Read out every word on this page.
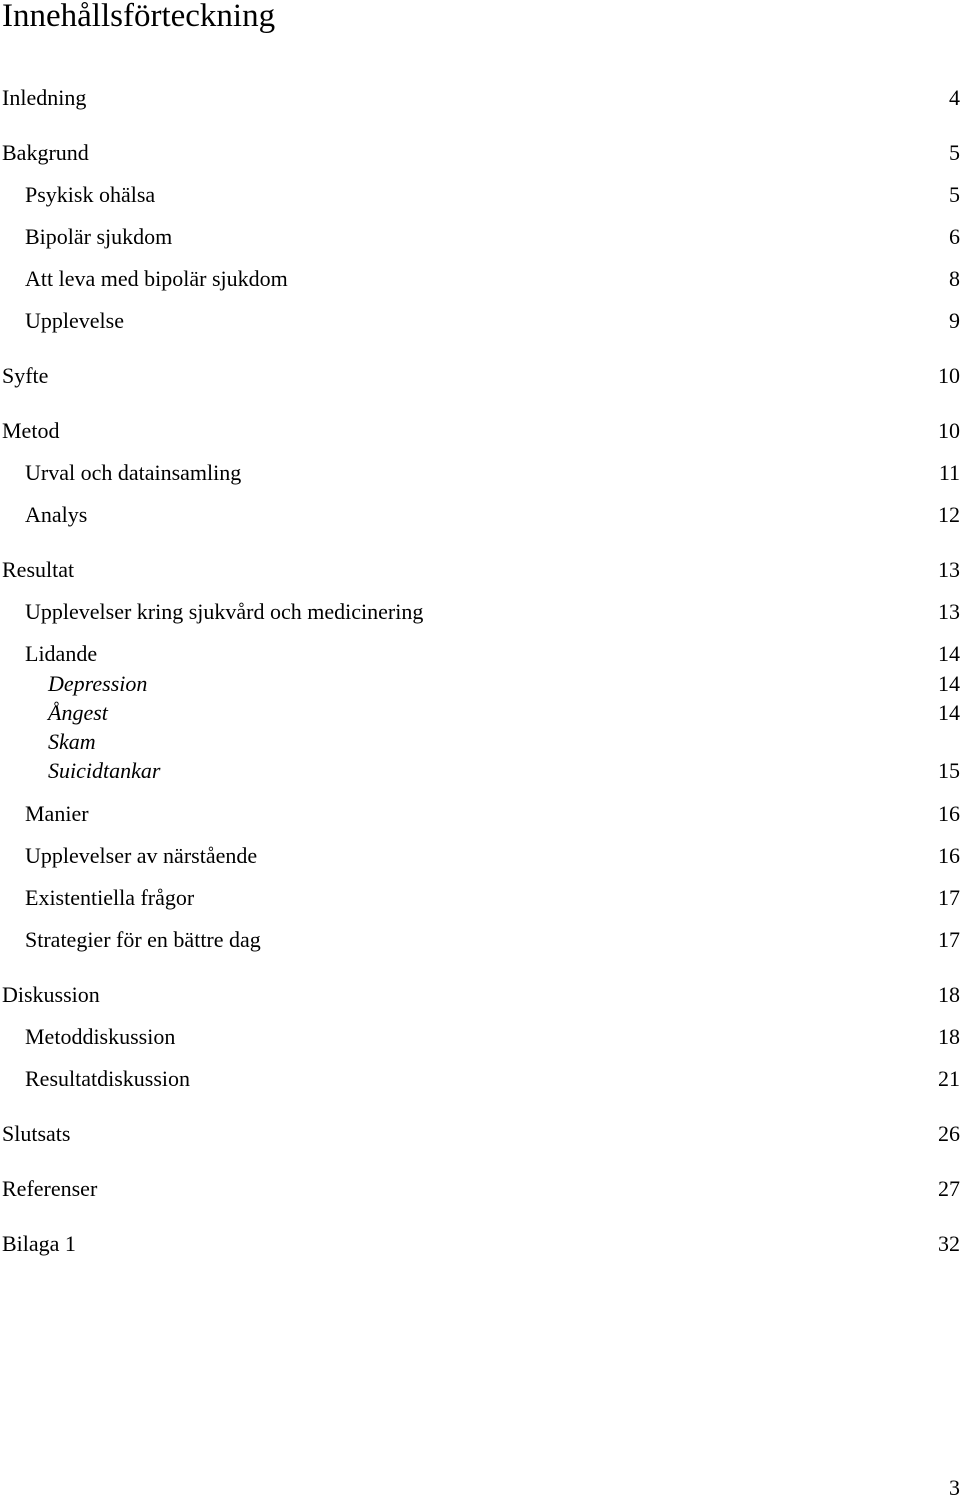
Innehållsförteckning
Inledning	4
Bakgrund	5
Psykisk ohälsa	5
Bipolär sjukdom	6
Att leva med bipolär sjukdom	8
Upplevelse	9
Syfte	10
Metod	10
Urval och datainsamling	11
Analys	12
Resultat	13
Upplevelser kring sjukvård och medicinering	13
Lidande	14
Depression	14
Ångest	14
Skam
Suicidtankar	15
Manier	16
Upplevelser av närstående	16
Existentiella frågor	17
Strategier för en bättre dag	17
Diskussion	18
Metoddiskussion	18
Resultatdiskussion	21
Slutsats	26
Referenser	27
Bilaga 1	32
3
